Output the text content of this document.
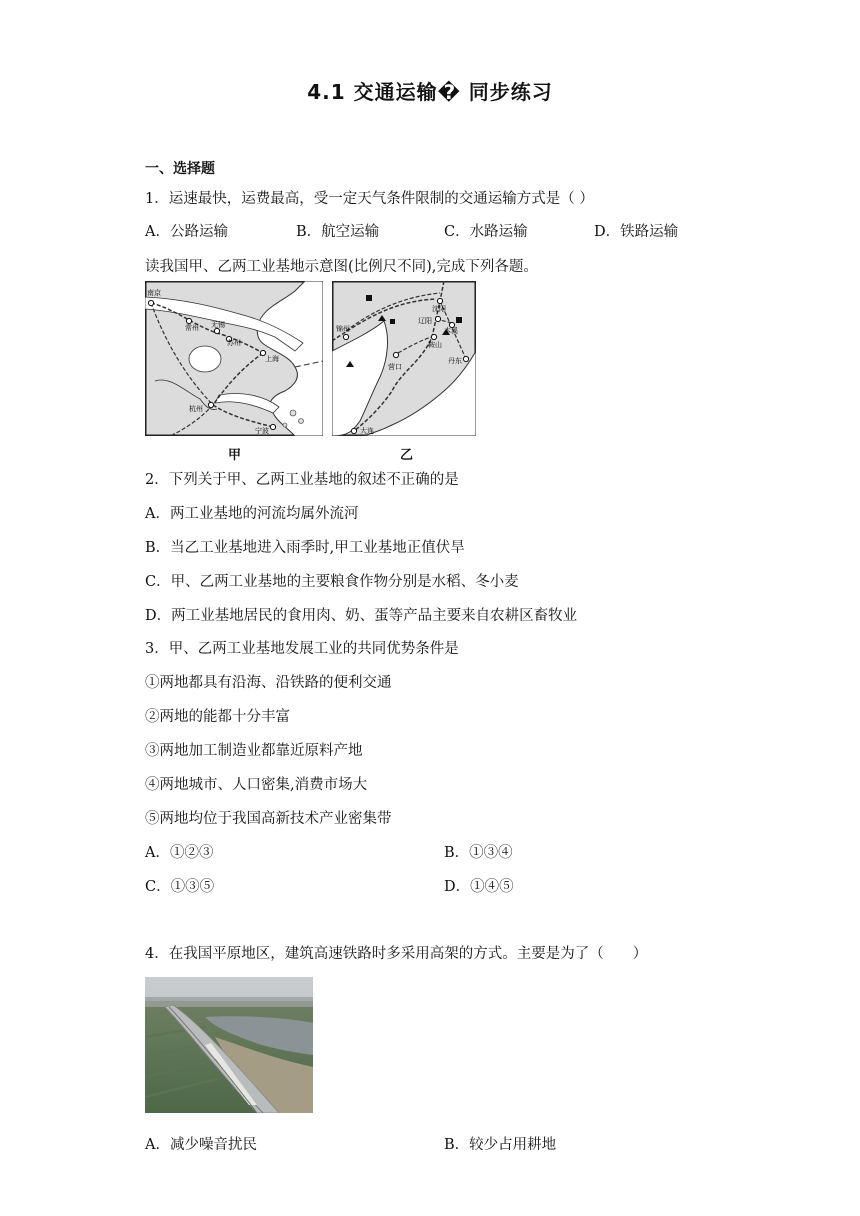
4.1 交通运输� 同步练习
一、选择题
1．运速最快，运费最高，受一定天气条件限制的交通运输方式是（ ）
A．公路运输	B．航空运输	C．水路运输	D．铁路运输
读我国甲、乙两工业基地示意图(比例尺不同),完成下列各题。
南京
常州 无锡
苏州
上海
杭州
宁波
甲
沈阳
辽阳
本溪
鞍山
锦州
营口
丹东
大连
乙
2．下列关于甲、乙两工业基地的叙述不正确的是
A．两工业基地的河流均属外流河
B．当乙工业基地进入雨季时,甲工业基地正值伏旱
C．甲、乙两工业基地的主要粮食作物分别是水稻、冬小麦
D．两工业基地居民的食用肉、奶、蛋等产品主要来自农耕区畜牧业
3．甲、乙两工业基地发展工业的共同优势条件是
①两地都具有沿海、沿铁路的便利交通
②两地的能都十分丰富
③两地加工制造业都靠近原料产地
④两地城市、人口密集,消费市场大
⑤两地均位于我国高新技术产业密集带
A．①②③	B．①③④
C．①③⑤	D．①④⑤
4．在我国平原地区，建筑高速铁路时多采用高架的方式。主要是为了（　　）
A．减少噪音扰民	B．较少占用耕地
